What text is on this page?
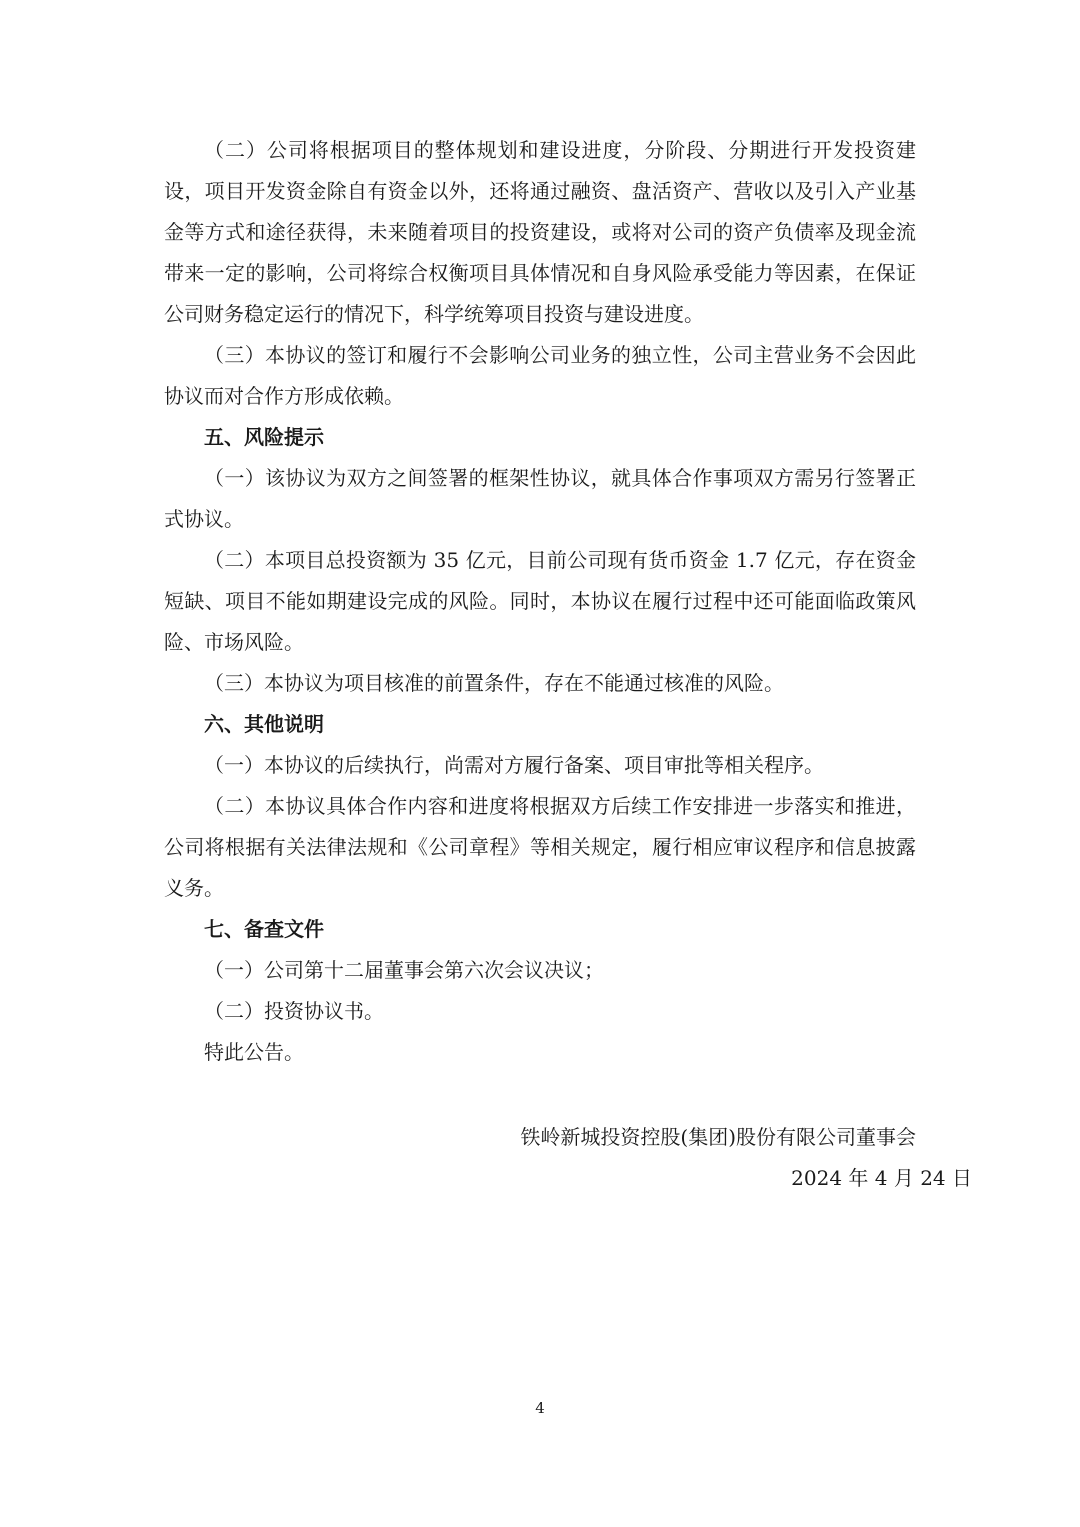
（二）公司将根据项目的整体规划和建设进度，分阶段、分期进行开发投资建设，项目开发资金除自有资金以外，还将通过融资、盘活资产、营收以及引入产业基金等方式和途径获得，未来随着项目的投资建设，或将对公司的资产负债率及现金流带来一定的影响，公司将综合权衡项目具体情况和自身风险承受能力等因素，在保证公司财务稳定运行的情况下，科学统筹项目投资与建设进度。

（三）本协议的签订和履行不会影响公司业务的独立性，公司主营业务不会因此协议而对合作方形成依赖。

五、风险提示

（一）该协议为双方之间签署的框架性协议，就具体合作事项双方需另行签署正式协议。

（二）本项目总投资额为 35 亿元，目前公司现有货币资金 1.7 亿元，存在资金短缺、项目不能如期建设完成的风险。同时，本协议在履行过程中还可能面临政策风险、市场风险。

（三）本协议为项目核准的前置条件，存在不能通过核准的风险。

六、其他说明

（一）本协议的后续执行，尚需对方履行备案、项目审批等相关程序。

（二）本协议具体合作内容和进度将根据双方后续工作安排进一步落实和推进，公司将根据有关法律法规和《公司章程》等相关规定，履行相应审议程序和信息披露义务。

七、备查文件

（一）公司第十二届董事会第六次会议决议；

（二）投资协议书。

特此公告。

铁岭新城投资控股(集团)股份有限公司董事会
2024 年 4 月 24 日
4
